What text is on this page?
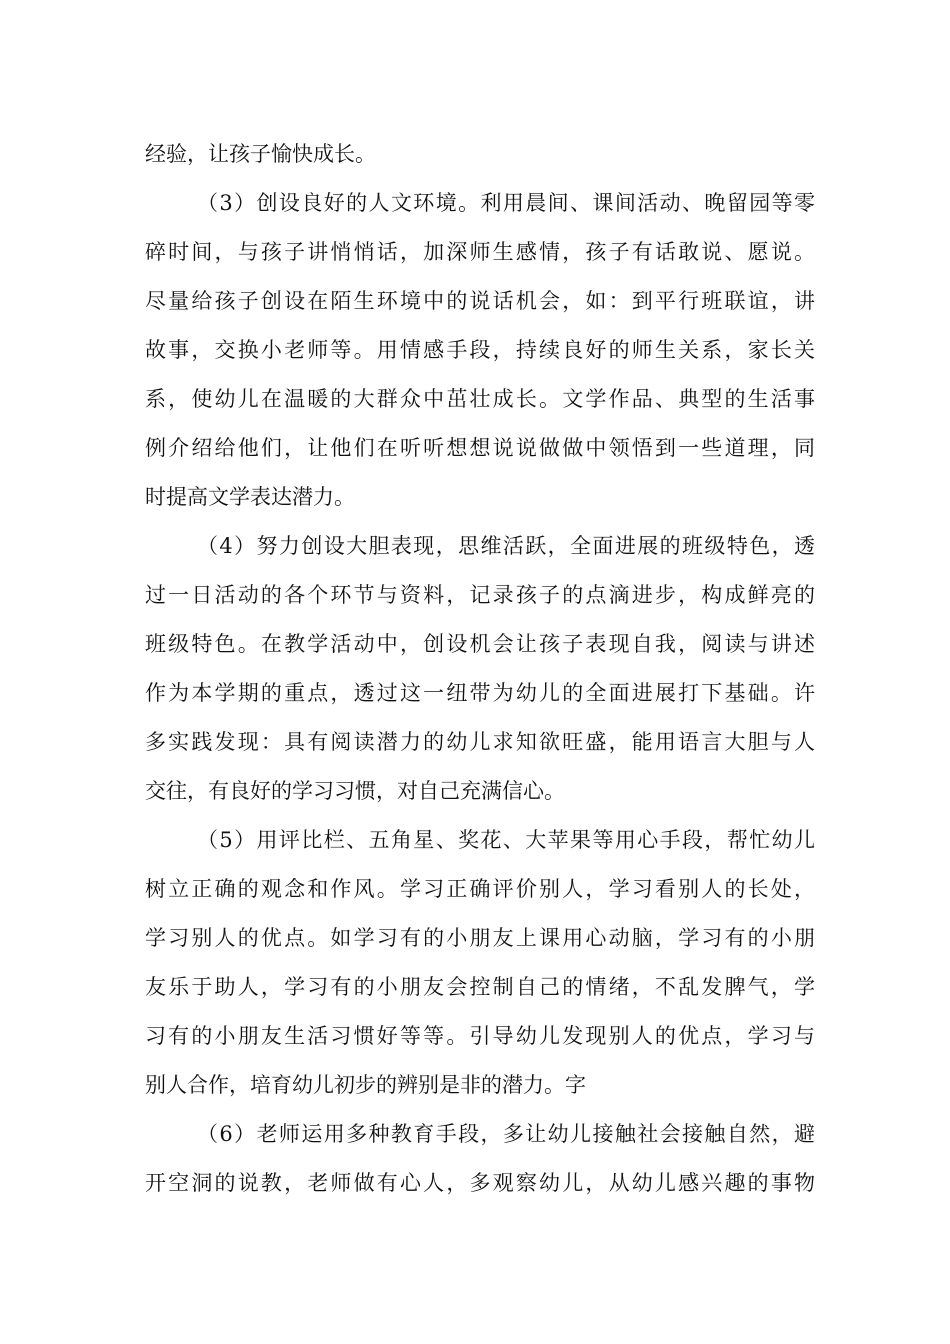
经验，让孩子愉快成长。
（3）创设良好的人文环境。利用晨间、课间活动、晚留园等零
碎时间，与孩子讲悄悄话，加深师生感情，孩子有话敢说、愿说。
尽量给孩子创设在陌生环境中的说话机会，如：到平行班联谊，讲
故事，交换小老师等。用情感手段，持续良好的师生关系，家长关
系，使幼儿在温暖的大群众中茁壮成长。文学作品、典型的生活事
例介绍给他们，让他们在听听想想说说做做中领悟到一些道理，同
时提高文学表达潜力。
（4）努力创设大胆表现，思维活跃，全面进展的班级特色，透
过一日活动的各个环节与资料，记录孩子的点滴进步，构成鲜亮的
班级特色。在教学活动中，创设机会让孩子表现自我，阅读与讲述
作为本学期的重点，透过这一纽带为幼儿的全面进展打下基础。许
多实践发现：具有阅读潜力的幼儿求知欲旺盛，能用语言大胆与人
交往，有良好的学习习惯，对自己充满信心。
（5）用评比栏、五角星、奖花、大苹果等用心手段，帮忙幼儿
树立正确的观念和作风。学习正确评价别人，学习看别人的长处，
学习别人的优点。如学习有的小朋友上课用心动脑，学习有的小朋
友乐于助人，学习有的小朋友会控制自己的情绪，不乱发脾气，学
习有的小朋友生活习惯好等等。引导幼儿发现别人的优点，学习与
别人合作，培育幼儿初步的辨别是非的潜力。字
（6）老师运用多种教育手段，多让幼儿接触社会接触自然，避
开空洞的说教，老师做有心人，多观察幼儿，从幼儿感兴趣的事物
